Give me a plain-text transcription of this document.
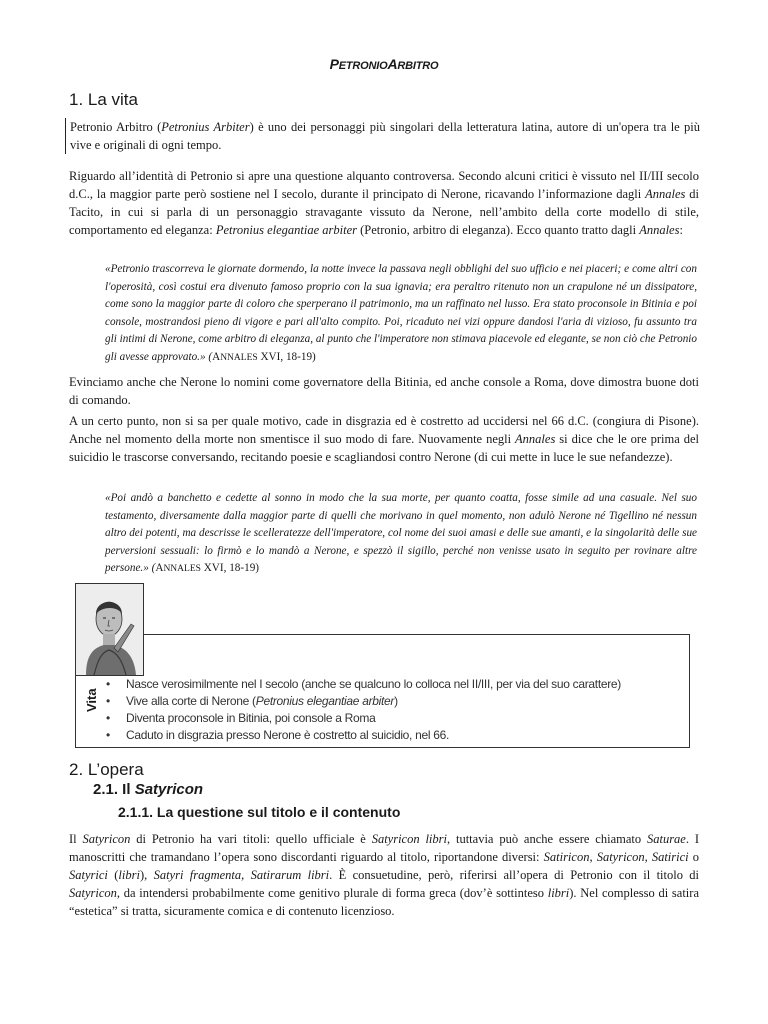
PETRONIOARBITRO
1. La vita

Petronio Arbitro (Petronius Arbiter) è uno dei personaggi più singolari della letteratura latina, autore di un'opera tra le più vive e originali di ogni tempo.

Riguardo all’identità di Petronio si apre una questione alquanto controversa. Secondo alcuni critici è vissuto nel II/III secolo d.C., la maggior parte però sostiene nel I secolo, durante il principato di Nerone, ricavando l’informazione dagli Annales di Tacito, in cui si parla di un personaggio stravagante vissuto da Nerone, nell’ambito della corte modello di stile, comportamento ed eleganza: Petronius elegantiae arbiter (Petronio, arbitro di eleganza). Ecco quanto tratto dagli Annales:

«Petronio trascorreva le giornate dormendo, la notte invece la passava negli obblighi del suo ufficio e nei piaceri; e come altri con l'operosità, così costui era divenuto famoso proprio con la sua ignavia; era peraltro ritenuto non un crapulone né un dissipatore, come sono la maggior parte di coloro che sperperano il patrimonio, ma un raffinato nel lusso. Era stato proconsole in Bitinia e poi console, mostrandosi pieno di vigore e pari all'alto compito. Poi, ricaduto nei vizi oppure dandosi l'aria di vizioso, fu assunto tra gli intimi di Nerone, come arbitro di eleganza, al punto che l'imperatore non stimava piacevole ed elegante, se non ciò che Petronio gli avesse approvato.» (ANNALES XVI, 18-19)

Evinciamo anche che Nerone lo nomini come governatore della Bitinia, ed anche console a Roma, dove dimostra buone doti di comando.

A un certo punto, non si sa per quale motivo, cade in disgrazia ed è costretto ad uccidersi nel 66 d.C. (congiura di Pisone). Anche nel momento della morte non smentisce il suo modo di fare. Nuovamente negli Annales si dice che le ore prima del suicidio le trascorse conversando, recitando poesie e scagliandosi contro Nerone (di cui mette in luce le sue nefandezze).

«Poi andò a banchetto e cedette al sonno in modo che la sua morte, per quanto coatta, fosse simile ad una casuale. Nel suo testamento, diversamente dalla maggior parte di quelli che morivano in quel momento, non adulò Nerone né Tigellino né nessun altro dei potenti, ma descrisse le scelleratezze dell'imperatore, col nome dei suoi amasi e delle sue amanti, e la singolarità delle sue perversioni sessuali: lo firmò e lo mandò a Nerone, e spezzò il sigillo, perché non venisse usato in seguito per rovinare altre persone.» (ANNALES XVI, 18-19)

2. L’opera
2.1. Il Satyricon
2.1.1. La questione sul titolo e il contenuto

Il Satyricon di Petronio ha vari titoli: quello ufficiale è Satyricon libri, tuttavia può anche essere chiamato Saturae. I manoscritti che tramandano l’opera sono discordanti riguardo al titolo, riportandone diversi: Satiricon, Satyricon, Satirici o Satyrici (libri), Satyri fragmenta, Satirarum libri. È consuetudine, però, riferirsi all’opera di Petronio con il titolo di Satyricon, da intendersi probabilmente come genitivo plurale di forma greca (dov’è sottinteso libri). Nel complesso di satira “estetica” si tratta, sicuramente comica e di contenuto licenzioso.

Vita
• Nasce verosimilmente nel I secolo (anche se qualcuno lo colloca nel II/III, per via del suo carattere)
• Vive alla corte di Nerone (Petronius elegantiae arbiter)
• Diventa proconsole in Bitinia, poi console a Roma
• Caduto in disgrazia presso Nerone è costretto al suicidio, nel 66.
